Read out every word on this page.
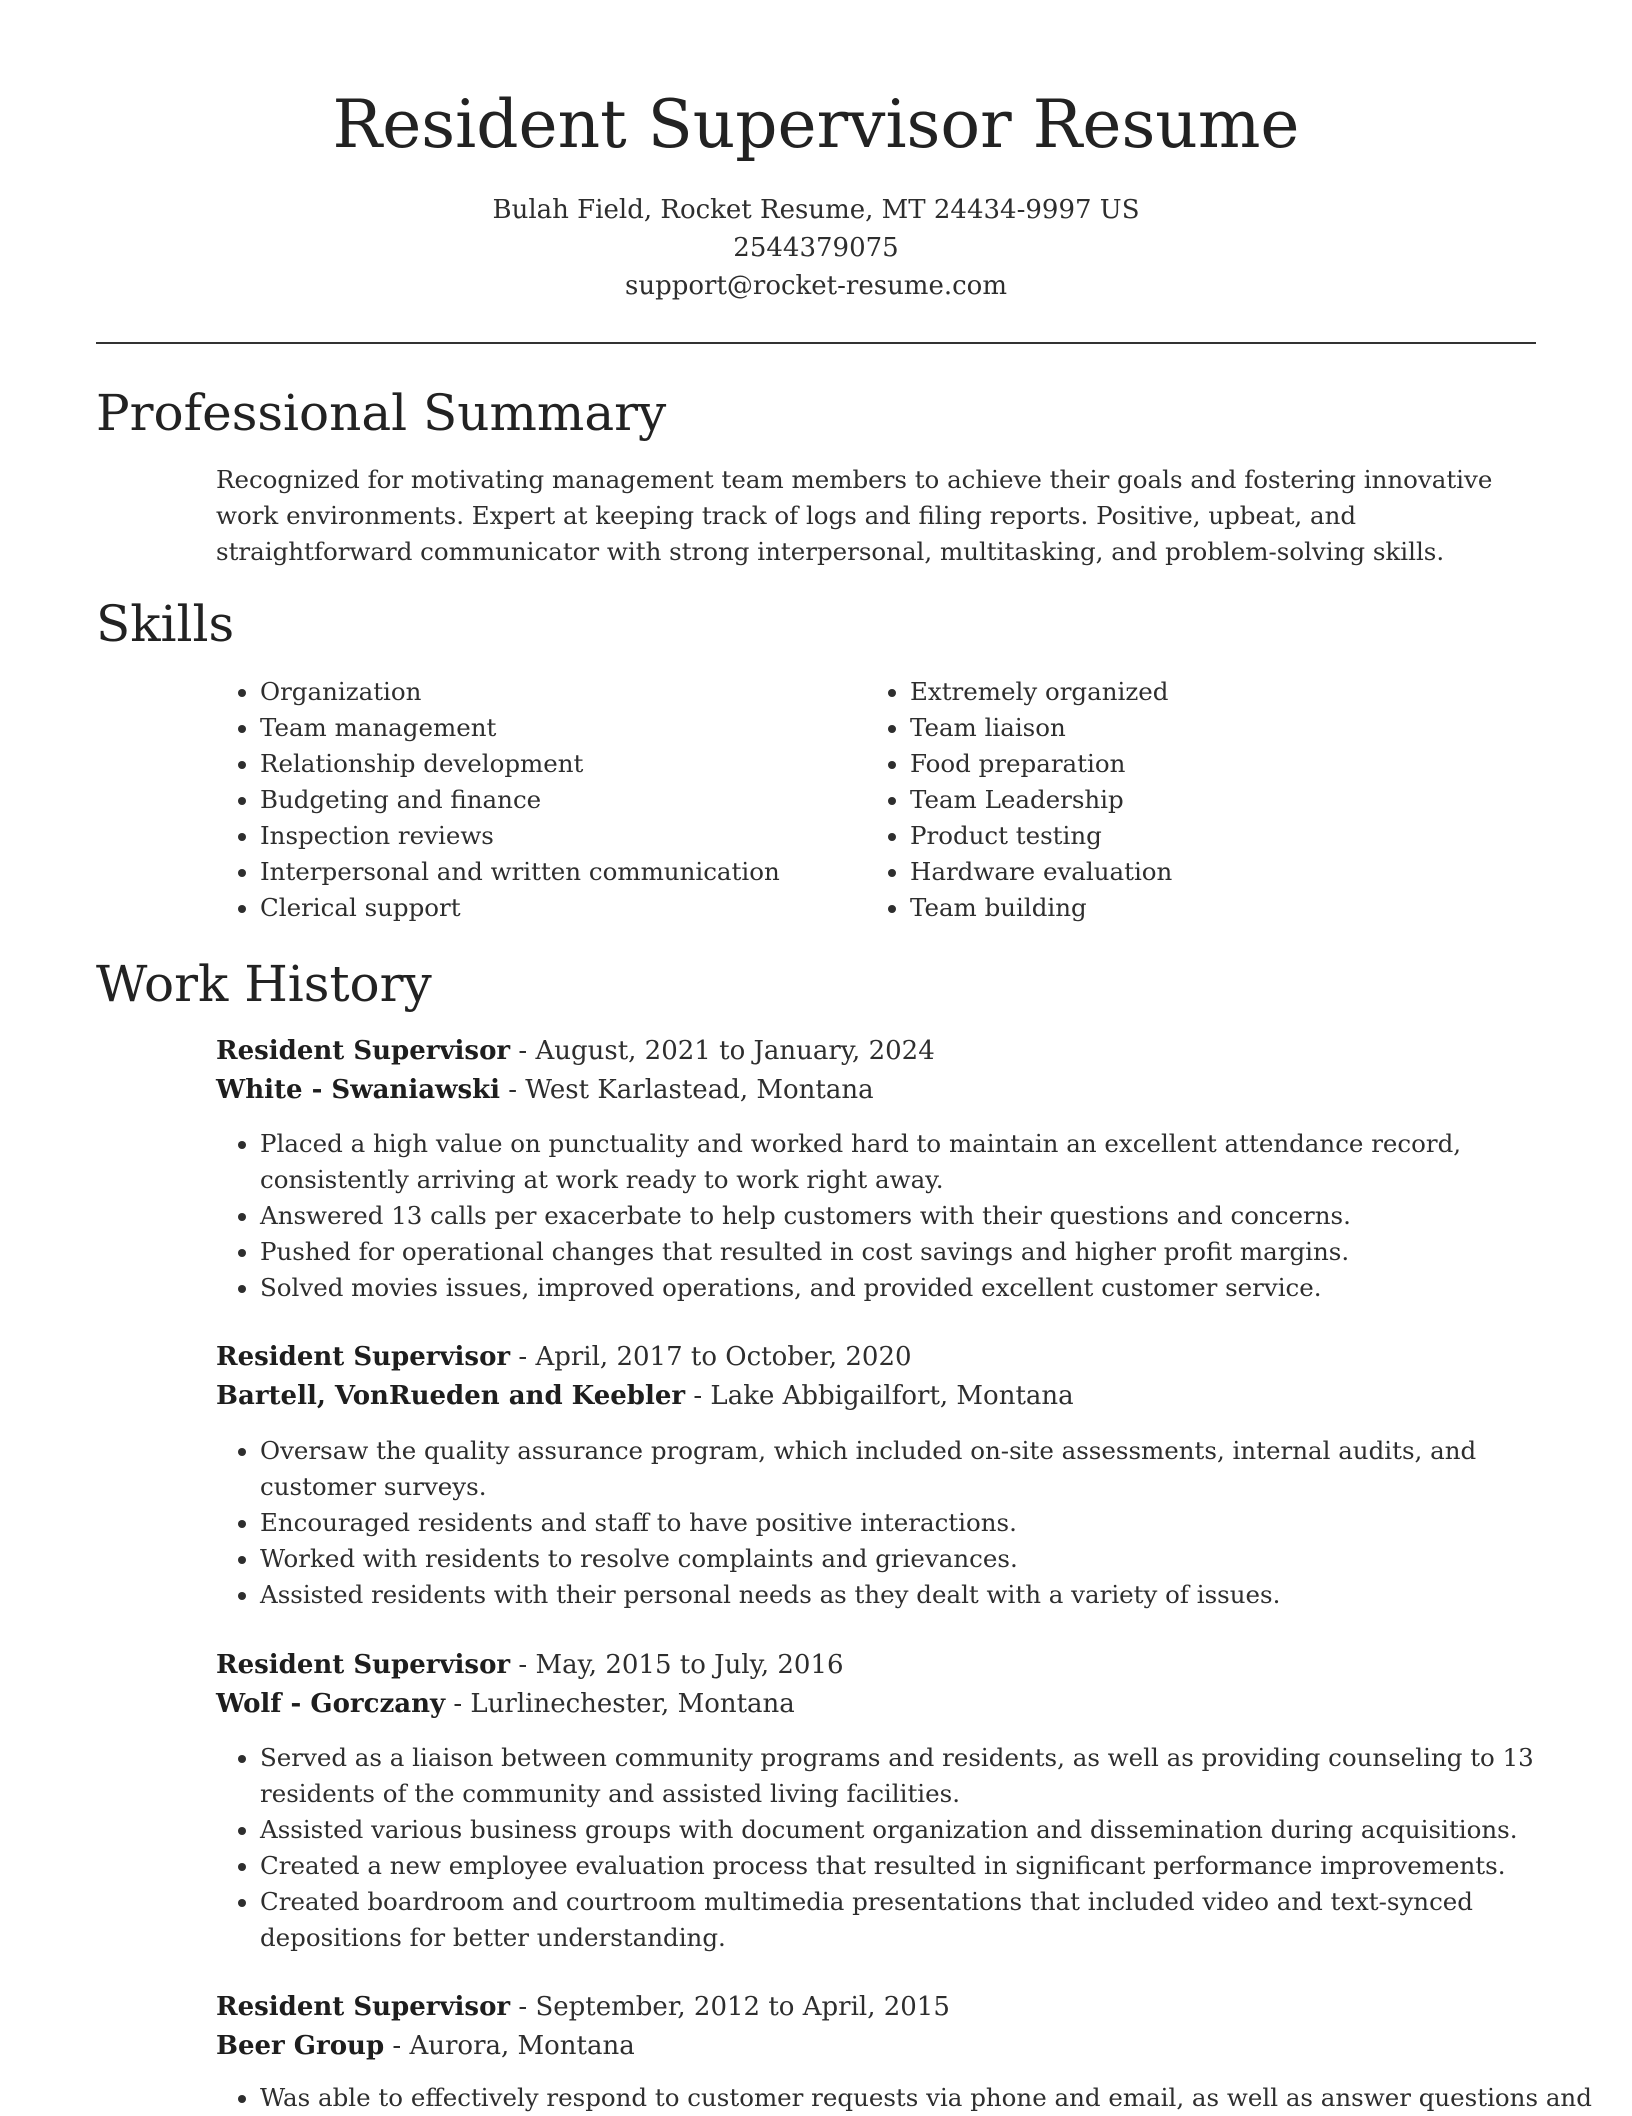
Resident Supervisor Resume
Bulah Field, Rocket Resume, MT 24434-9997 US
2544379075
support@rocket-resume.com
Professional Summary

Recognized for motivating management team members to achieve their goals and fostering innovative work environments. Expert at keeping track of logs and filing reports. Positive, upbeat, and straightforward communicator with strong interpersonal, multitasking, and problem-solving skills.

Skills
• Organization
• Team management
• Relationship development
• Budgeting and finance
• Inspection reviews
• Interpersonal and written communication
• Clerical support
• Extremely organized
• Team liaison
• Food preparation
• Team Leadership
• Product testing
• Hardware evaluation
• Team building
Work History
Resident Supervisor - August, 2021 to January, 2024
White - Swaniawski - West Karlastead, Montana
• Placed a high value on punctuality and worked hard to maintain an excellent attendance record, consistently arriving at work ready to work right away.
• Answered 13 calls per exacerbate to help customers with their questions and concerns.
• Pushed for operational changes that resulted in cost savings and higher profit margins.
• Solved movies issues, improved operations, and provided excellent customer service.
Resident Supervisor - April, 2017 to October, 2020
Bartell, VonRueden and Keebler - Lake Abbigailfort, Montana
• Oversaw the quality assurance program, which included on-site assessments, internal audits, and customer surveys.
• Encouraged residents and staff to have positive interactions.
• Worked with residents to resolve complaints and grievances.
• Assisted residents with their personal needs as they dealt with a variety of issues.
Resident Supervisor - May, 2015 to July, 2016
Wolf - Gorczany - Lurlinechester, Montana
• Served as a liaison between community programs and residents, as well as providing counseling to 13 residents of the community and assisted living facilities.
• Assisted various business groups with document organization and dissemination during acquisitions.
• Created a new employee evaluation process that resulted in significant performance improvements.
• Created boardroom and courtroom multimedia presentations that included video and text-synced depositions for better understanding.
Resident Supervisor - September, 2012 to April, 2015
Beer Group - Aurora, Montana
• Was able to effectively respond to customer requests via phone and email, as well as answer questions and
